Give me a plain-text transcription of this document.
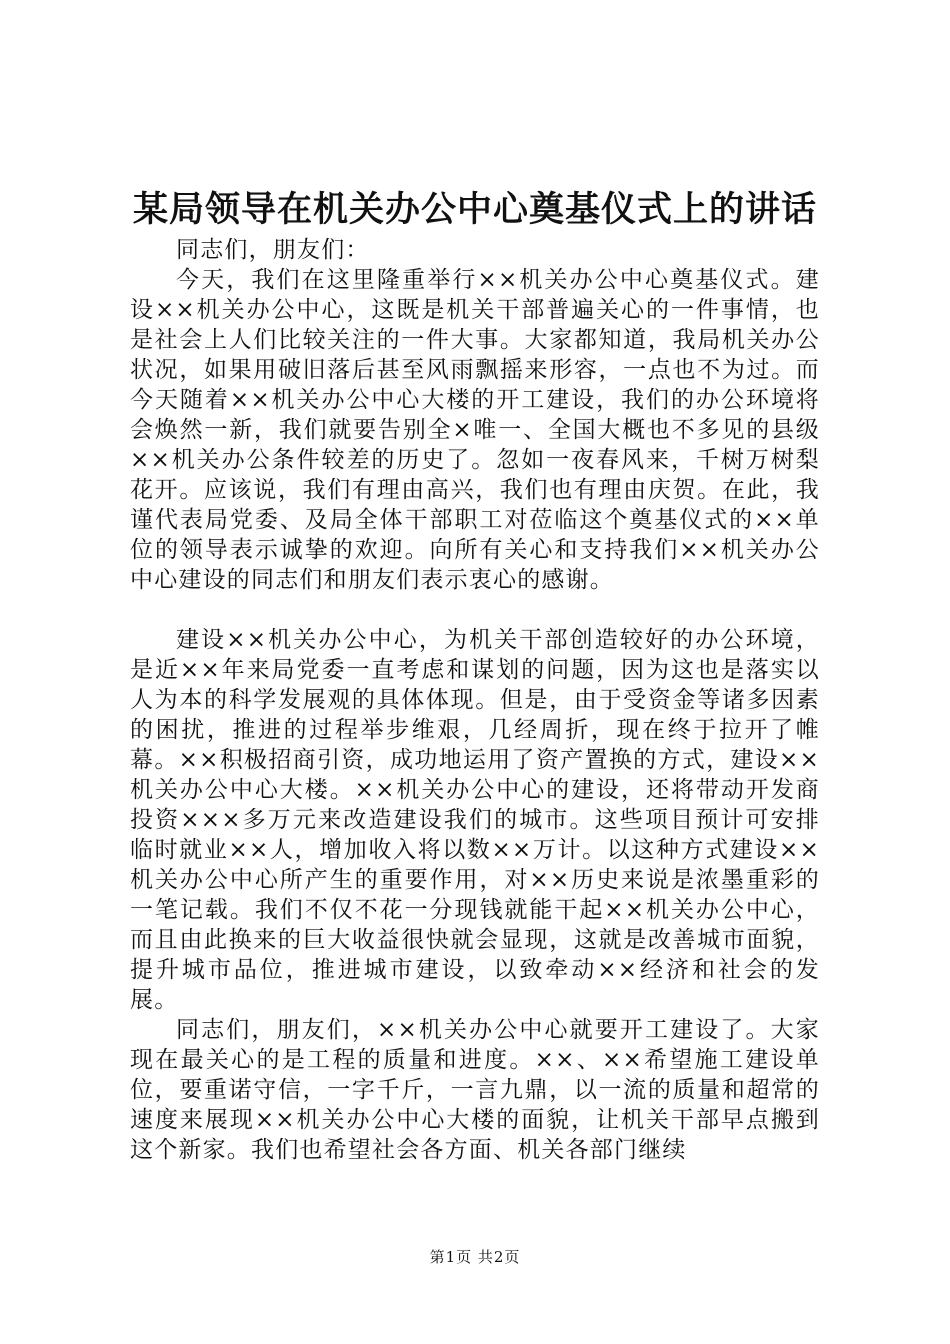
某局领导在机关办公中心奠基仪式上的讲话

同志们，朋友们：

今天，我们在这里隆重举行××机关办公中心奠基仪式。建设××机关办公中心，这既是机关干部普遍关心的一件事情，也是社会上人们比较关注的一件大事。大家都知道，我局机关办公状况，如果用破旧落后甚至风雨飘摇来形容，一点也不为过。而今天随着××机关办公中心大楼的开工建设，我们的办公环境将会焕然一新，我们就要告别全×唯一、全国大概也不多见的县级××机关办公条件较差的历史了。忽如一夜春风来，千树万树梨花开。应该说，我们有理由高兴，我们也有理由庆贺。在此，我谨代表局党委、及局全体干部职工对莅临这个奠基仪式的××单位的领导表示诚挚的欢迎。向所有关心和支持我们××机关办公中心建设的同志们和朋友们表示衷心的感谢。

建设××机关办公中心，为机关干部创造较好的办公环境，是近××年来局党委一直考虑和谋划的问题，因为这也是落实以人为本的科学发展观的具体体现。但是，由于受资金等诸多因素的困扰，推进的过程举步维艰，几经周折，现在终于拉开了帷幕。××积极招商引资，成功地运用了资产置换的方式，建设××机关办公中心大楼。××机关办公中心的建设，还将带动开发商投资×××多万元来改造建设我们的城市。这些项目预计可安排临时就业××人，增加收入将以数××万计。以这种方式建设××机关办公中心所产生的重要作用，对××历史来说是浓墨重彩的一笔记载。我们不仅不花一分现钱就能干起××机关办公中心，而且由此换来的巨大收益很快就会显现，这就是改善城市面貌，提升城市品位，推进城市建设，以致牵动××经济和社会的发展。

同志们，朋友们，××机关办公中心就要开工建设了。大家现在最关心的是工程的质量和进度。××、××希望施工建设单位，要重诺守信，一字千斤，一言九鼎，以一流的质量和超常的速度来展现××机关办公中心大楼的面貌，让机关干部早点搬到这个新家。我们也希望社会各方面、机关各部门继续

第1页 共2页
